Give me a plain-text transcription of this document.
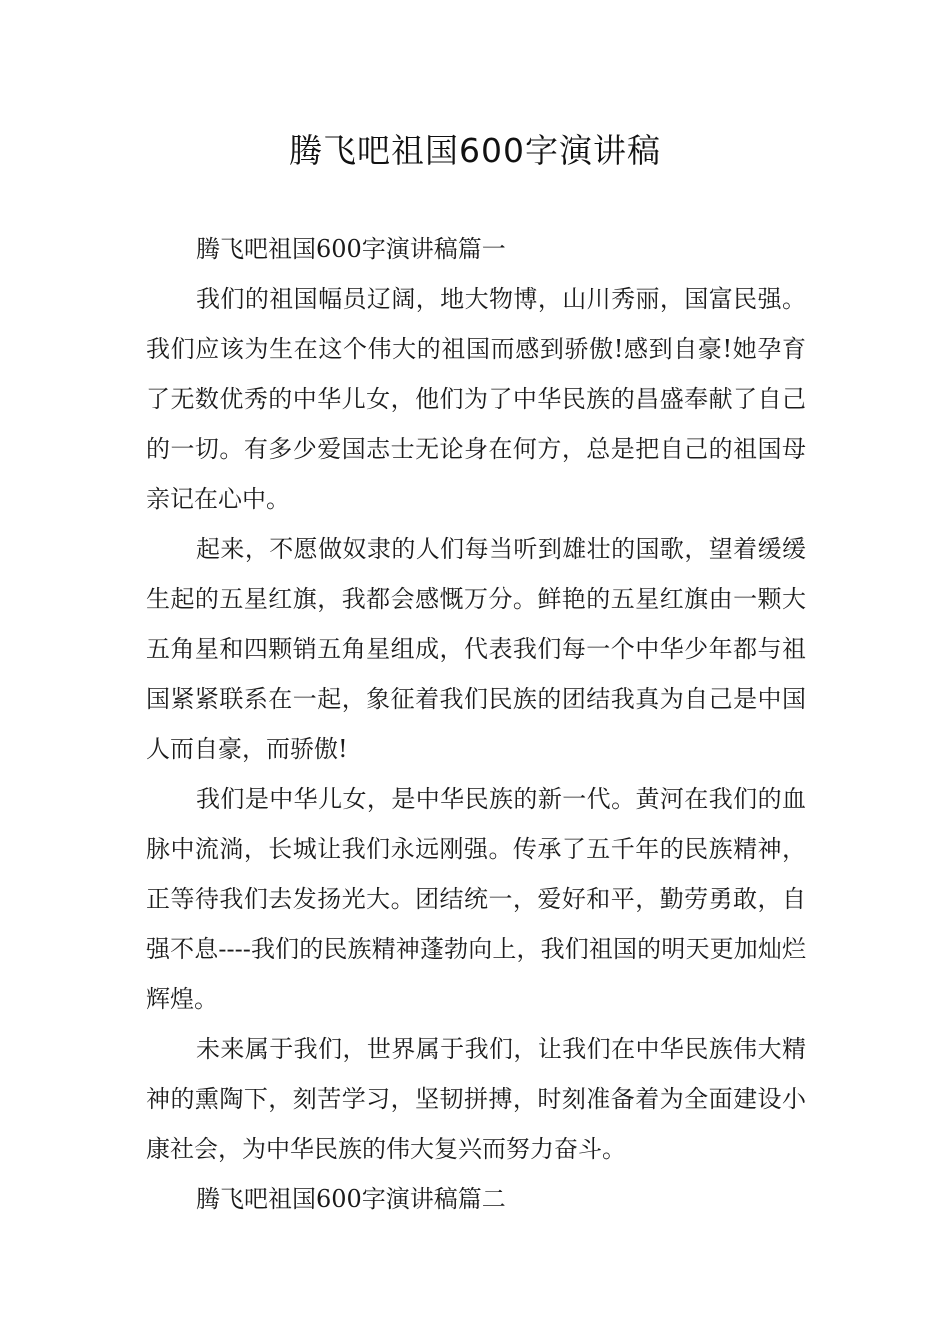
腾飞吧祖国600字演讲稿

腾飞吧祖国600字演讲稿篇一

我们的祖国幅员辽阔，地大物博，山川秀丽，国富民强。我们应该为生在这个伟大的祖国而感到骄傲!感到自豪!她孕育了无数优秀的中华儿女，他们为了中华民族的昌盛奉献了自己的一切。有多少爱国志士无论身在何方，总是把自己的祖国母亲记在心中。

起来，不愿做奴隶的人们每当听到雄壮的国歌，望着缓缓生起的五星红旗，我都会感慨万分。鲜艳的五星红旗由一颗大五角星和四颗销五角星组成，代表我们每一个中华少年都与祖国紧紧联系在一起，象征着我们民族的团结我真为自己是中国人而自豪，而骄傲!

我们是中华儿女，是中华民族的新一代。黄河在我们的血脉中流淌，长城让我们永远刚强。传承了五千年的民族精神，正等待我们去发扬光大。团结统一，爱好和平，勤劳勇敢，自强不息----我们的民族精神蓬勃向上，我们祖国的明天更加灿烂辉煌。

未来属于我们，世界属于我们，让我们在中华民族伟大精神的熏陶下，刻苦学习，坚韧拼搏，时刻准备着为全面建设小康社会，为中华民族的伟大复兴而努力奋斗。

腾飞吧祖国600字演讲稿篇二
